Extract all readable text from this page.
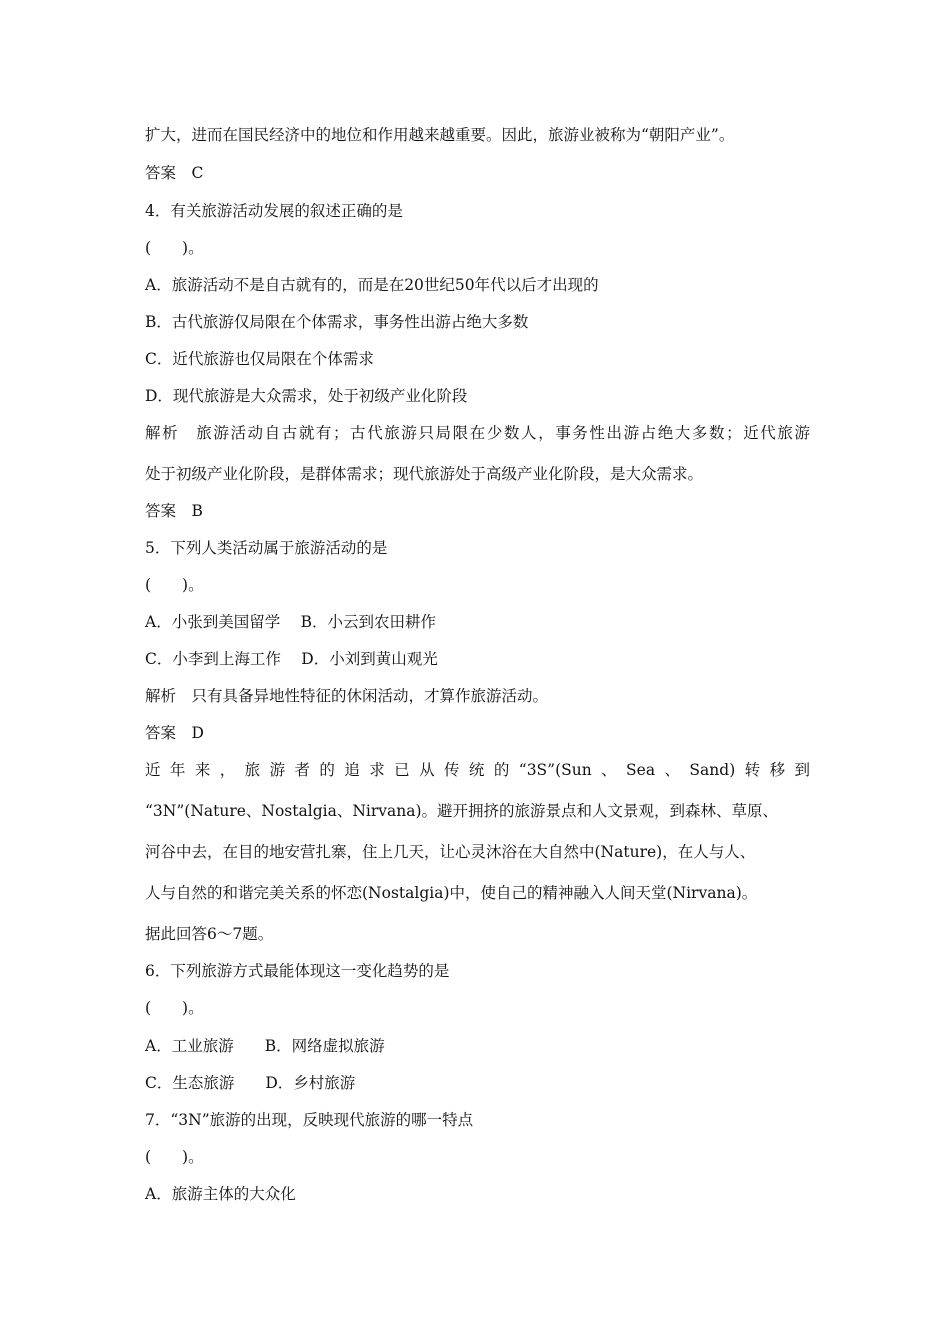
扩大，进而在国民经济中的地位和作用越来越重要。因此，旅游业被称为“朝阳产业”。
答案　C
4．有关旅游活动发展的叙述正确的是
(　　)。
A．旅游活动不是自古就有的，而是在20世纪50年代以后才出现的
B．古代旅游仅局限在个体需求，事务性出游占绝大多数
C．近代旅游也仅局限在个体需求
D．现代旅游是大众需求，处于初级产业化阶段
解析　旅游活动自古就有；古代旅游只局限在少数人，事务性出游占绝大多数；近代旅游
处于初级产业化阶段，是群体需求；现代旅游处于高级产业化阶段，是大众需求。
答案　B
5．下列人类活动属于旅游活动的是
(　　)。
A．小张到美国留学　 B．小云到农田耕作
C．小李到上海工作　 D．小刘到黄山观光
解析　只有具备异地性特征的休闲活动，才算作旅游活动。
答案　D
近年来，旅游者的追求已从传统的“3S”(Sun、Sea、Sand)转移到
“3N”(Nature、Nostalgia、Nirvana)。避开拥挤的旅游景点和人文景观，到森林、草原、
河谷中去，在目的地安营扎寨，住上几天，让心灵沐浴在大自然中(Nature)，在人与人、
人与自然的和谐完美关系的怀恋(Nostalgia)中，使自己的精神融入人间天堂(Nirvana)。
据此回答6～7题。
6．下列旅游方式最能体现这一变化趋势的是
(　　)。
A．工业旅游　　B．网络虚拟旅游
C．生态旅游　　D．乡村旅游
7．“3N”旅游的出现，反映现代旅游的哪一特点
(　　)。
A．旅游主体的大众化
